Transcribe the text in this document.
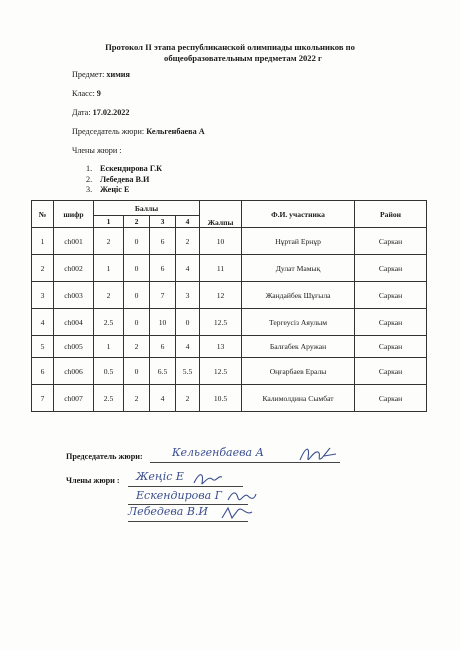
Протокол II этапа республиканской олимпиады школьников по
общеобразовательным предметам 2022 г
Предмет: химия
Класс: 9
Дата: 17.02.2022
Председатель жюри: Кельгенбаева А
Члены жюри :
1. Ескендирова Г.К
2. Лебедева В.И
3. Жеңіс Е
№	шифр	Баллы				Жалпы	Ф.И. участника	Район
		1	2	3	4			
1	ch001	2	0	6	2	10	Нұртай Ернұр	Саркан
2	ch002	1	0	6	4	11	Дулат Мамық	Саркан
3	ch003	2	0	7	3	12	Жандайбек Шұғыла	Саркан
4	ch004	2.5	0	10	0	12.5	Тергеусіз Аяулым	Саркан
5	ch005	1	2	6	4	13	Балғабек Аружан	Саркан
6	ch006	0.5	0	6.5	5.5	12.5	Оңғарбаев Ералы	Саркан
7	ch007	2.5	2	4	2	10.5	Калимолдина Сымбат	Саркан
Председатель жюри:	Кельгенбаева А
Члены жюри : Жеңіс Е
Ескендирова Г
Лебедева В.И
